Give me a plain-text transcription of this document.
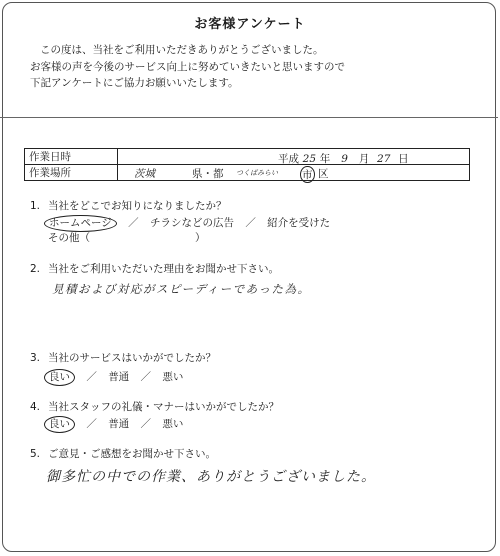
お客様アンケート
この度は、当社をご利用いただきありがとうございました。
お客様の声を今後のサービス向上に努めていきたいと思いますので
下記アンケートにご協力お願いいたします。
作業日時	平成 25 年 9 月 27 日

作業場所	茨城 県・都 つくばみらい 市 区
1. 当社をどこでお知りになりましたか？
ホームページ ／ チラシなどの広告 ／ 紹介を受けた
その他（　　　　　　　　　　）
2. 当社をご利用いただいた理由をお聞かせ下さい。
見積および対応がスピーディーであった為。
3. 当社のサービスはいかがでしたか？
良い ／ 普通 ／ 悪い
4. 当社スタッフの礼儀・マナーはいかがでしたか？
良い ／ 普通 ／ 悪い
5. ご意見・ご感想をお聞かせ下さい。
御多忙の中での作業、ありがとうございました。
